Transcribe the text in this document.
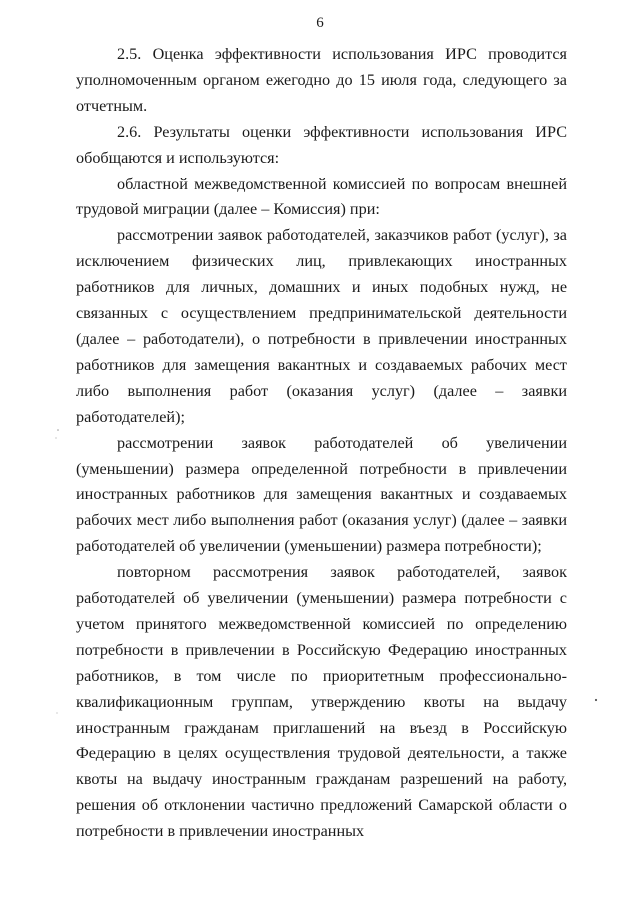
6

2.5. Оценка эффективности использования ИРС проводится уполномоченным органом ежегодно до 15 июля года, следующего за отчетным.

2.6. Результаты оценки эффективности использования ИРС обобщаются и используются:

областной межведомственной комиссией по вопросам внешней трудовой миграции (далее – Комиссия) при:

рассмотрении заявок работодателей, заказчиков работ (услуг), за исключением физических лиц, привлекающих иностранных работников для личных, домашних и иных подобных нужд, не связанных с осуществлением предпринимательской деятельности (далее – работодатели), о потребности в привлечении иностранных работников для замещения вакантных и создаваемых рабочих мест либо выполнения работ (оказания услуг) (далее – заявки работодателей);

рассмотрении заявок работодателей об увеличении (уменьшении) размера определенной потребности в привлечении иностранных работников для замещения вакантных и создаваемых рабочих мест либо выполнения работ (оказания услуг) (далее – заявки работодателей об увеличении (уменьшении) размера потребности);

повторном рассмотрения заявок работодателей, заявок работодателей об увеличении (уменьшении) размера потребности с учетом принятого межведомственной комиссией по определению потребности в привлечении в Российскую Федерацию иностранных работников, в том числе по приоритетным профессионально-квалификационным группам, утверждению квоты на выдачу иностранным гражданам приглашений на въезд в Российскую Федерацию в целях осуществления трудовой деятельности, а также квоты на выдачу иностранным гражданам разрешений на работу, решения об отклонении частично предложений Самарской области о потребности в привлечении иностранных
